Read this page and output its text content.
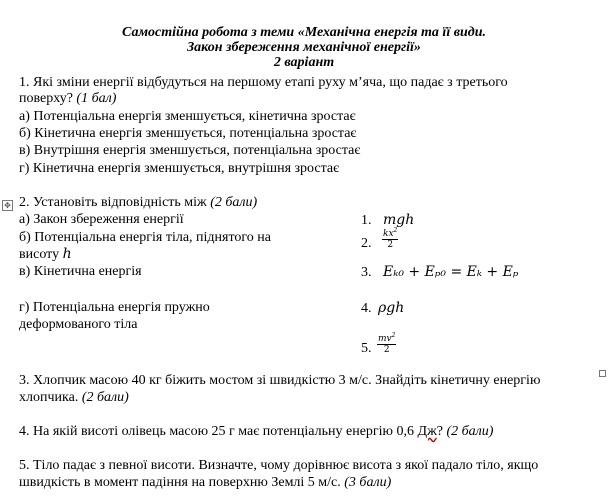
Самостійна робота з теми «Механічна енергія та її види.
Закон збереження механічної енергії»
2 варіант
1. Які зміни енергії відбудуться на першому етапі руху м’яча, що падає з третього
поверху? (1 бал)
а) Потенціальна енергія зменшується, кінетична зростає
б) Кінетична енергія зменшується, потенціальна зростає
в) Внутрішня енергія зменшується, потенціальна зростає
г) Кінетична енергія зменшується, внутрішня зростає
✥ 2. Установіть відповідність між (2 бали)
а) Закон збереження енергії
б) Потенціальна енергія тіла, піднятого на
висоту h
в) Кінетична енергія
г) Потенціальна енергія пружно
деформованого тіла
1. mgh
2. $\frac{kx^2}{2}$
3. Eₖ₀ + Eₚ₀ = Eₖ + Eₚ
4. ρgh
5. $\frac{mv^2}{2}$
3. Хлопчик масою 40 кг біжить мостом зі швидкістю 3 м/с. Знайдіть кінетичну енергію
хлопчика. (2 бали)
4. На якій висоті олівець масою 25 г має потенціальну енергію 0,6 Дж? (2 бали)
5. Тіло падає з певної висоти. Визначте, чому дорівнює висота з якої падало тіло, якщо
швидкість в момент падіння на поверхню Землі 5 м/с. (3 бали)
